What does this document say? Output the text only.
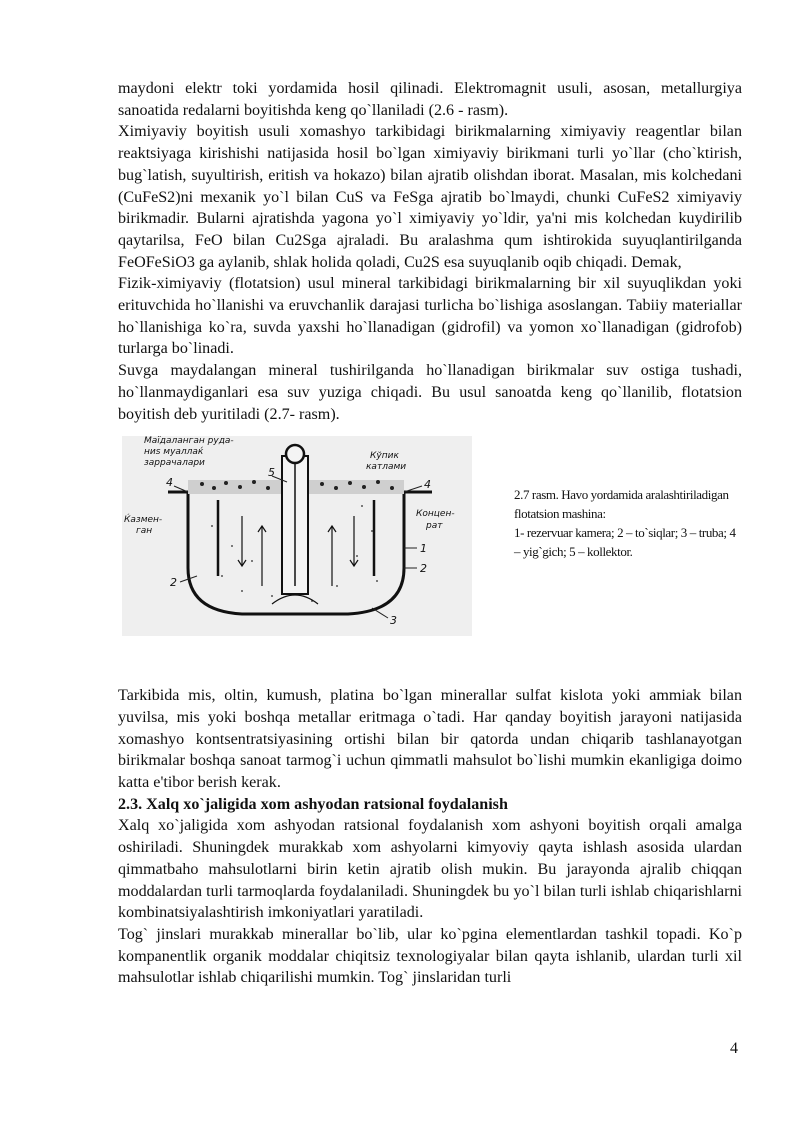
maydoni elektr toki yordamida hosil qilinadi. Elektromagnit usuli, asosan, metallurgiya sanoatida redalarni boyitishda keng qo`llaniladi (2.6 - rasm).

Ximiyaviy boyitish usuli xomashyo tarkibidagi birikmalarning ximiyaviy reagentlar bilan reaktsiyaga kirishishi natijasida hosil bo`lgan ximiyaviy birikmani turli yo`llar (cho`ktirish, bug`latish, suyultirish, eritish va hokazo) bilan ajratib olishdan iborat. Masalan, mis kolchedani (CuFeS2)ni mexanik yo`l bilan CuS va FeSga ajratib bo`lmaydi, chunki CuFeS2 ximiyaviy birikmadir. Bularni ajratishda yagona yo`l ximiyaviy yo`ldir, ya'ni mis kolchedan kuydirilib qaytarilsa, FeO bilan Cu2Sga ajraladi. Bu aralashma qum ishtirokida suyuqlantirilganda FeOFeSiO3 ga aylanib, shlak holida qoladi, Cu2S esa suyuqlanib oqib chiqadi. Demak,

Fizik-ximiyaviy (flotatsion) usul mineral tarkibidagi birikmalarning bir xil suyuqlikdan yoki erituvchida ho`llanishi va eruvchanlik darajasi turlicha bo`lishiga asoslangan. Tabiiy materiallar ho`llanishiga ko`ra, suvda yaxshi ho`llanadigan (gidrofil) va yomon xo`llanadigan (gidrofob) turlarga bo`linadi.

Suvga maydalangan mineral tushirilganda ho`llanadigan birikmalar suv ostiga tushadi, ho`llanmaydiganlari esa suv yuziga chiqadi. Bu usul sanoatda keng qo`llanilib, flotatsion boyitish deb yuritiladi (2.7- rasm).

Маїдаланган руда-
ниѕ муаллаќ
заррачалари
Кўпик
катлами
Ќазмен-
ган
Концен-
рат
4	4
5
1
2
2
3
2.7 rasm. Havo yordamida aralashtiriladigan flotatsion mashina:
1- rezervuar kamera; 2 – to`siqlar; 3 – truba; 4 – yig`gich; 5 – kollektor.

Tarkibida mis, oltin, kumush, platina bo`lgan minerallar sulfat kislota yoki ammiak bilan yuvilsa, mis yoki boshqa metallar eritmaga o`tadi. Har qanday boyitish jarayoni natijasida xomashyo kontsentratsiyasining ortishi bilan bir qatorda undan chiqarib tashlanayotgan birikmalar boshqa sanoat tarmog`i uchun qimmatli mahsulot bo`lishi mumkin ekanligiga doimo katta e'tibor berish kerak.

2.3. Xalq xo`jaligida xom ashyodan ratsional foydalanish

Xalq xo`jaligida xom ashyodan ratsional foydalanish xom ashyoni boyitish orqali amalga oshiriladi. Shuningdek murakkab xom ashyolarni kimyoviy qayta ishlash asosida ulardan qimmatbaho mahsulotlarni birin ketin ajratib olish mukin. Bu jarayonda ajralib chiqqan moddalardan turli tarmoqlarda foydalaniladi. Shuningdek bu yo`l bilan turli ishlab chiqarishlarni kombinatsiyalashtirish imkoniyatlari yaratiladi.

Tog` jinslari murakkab minerallar bo`lib, ular ko`pgina elementlardan tashkil topadi. Ko`p kompanentlik organik moddalar chiqitsiz texnologiyalar bilan qayta ishlanib, ulardan turli xil mahsulotlar ishlab chiqarilishi mumkin. Tog` jinslaridan turli

4
